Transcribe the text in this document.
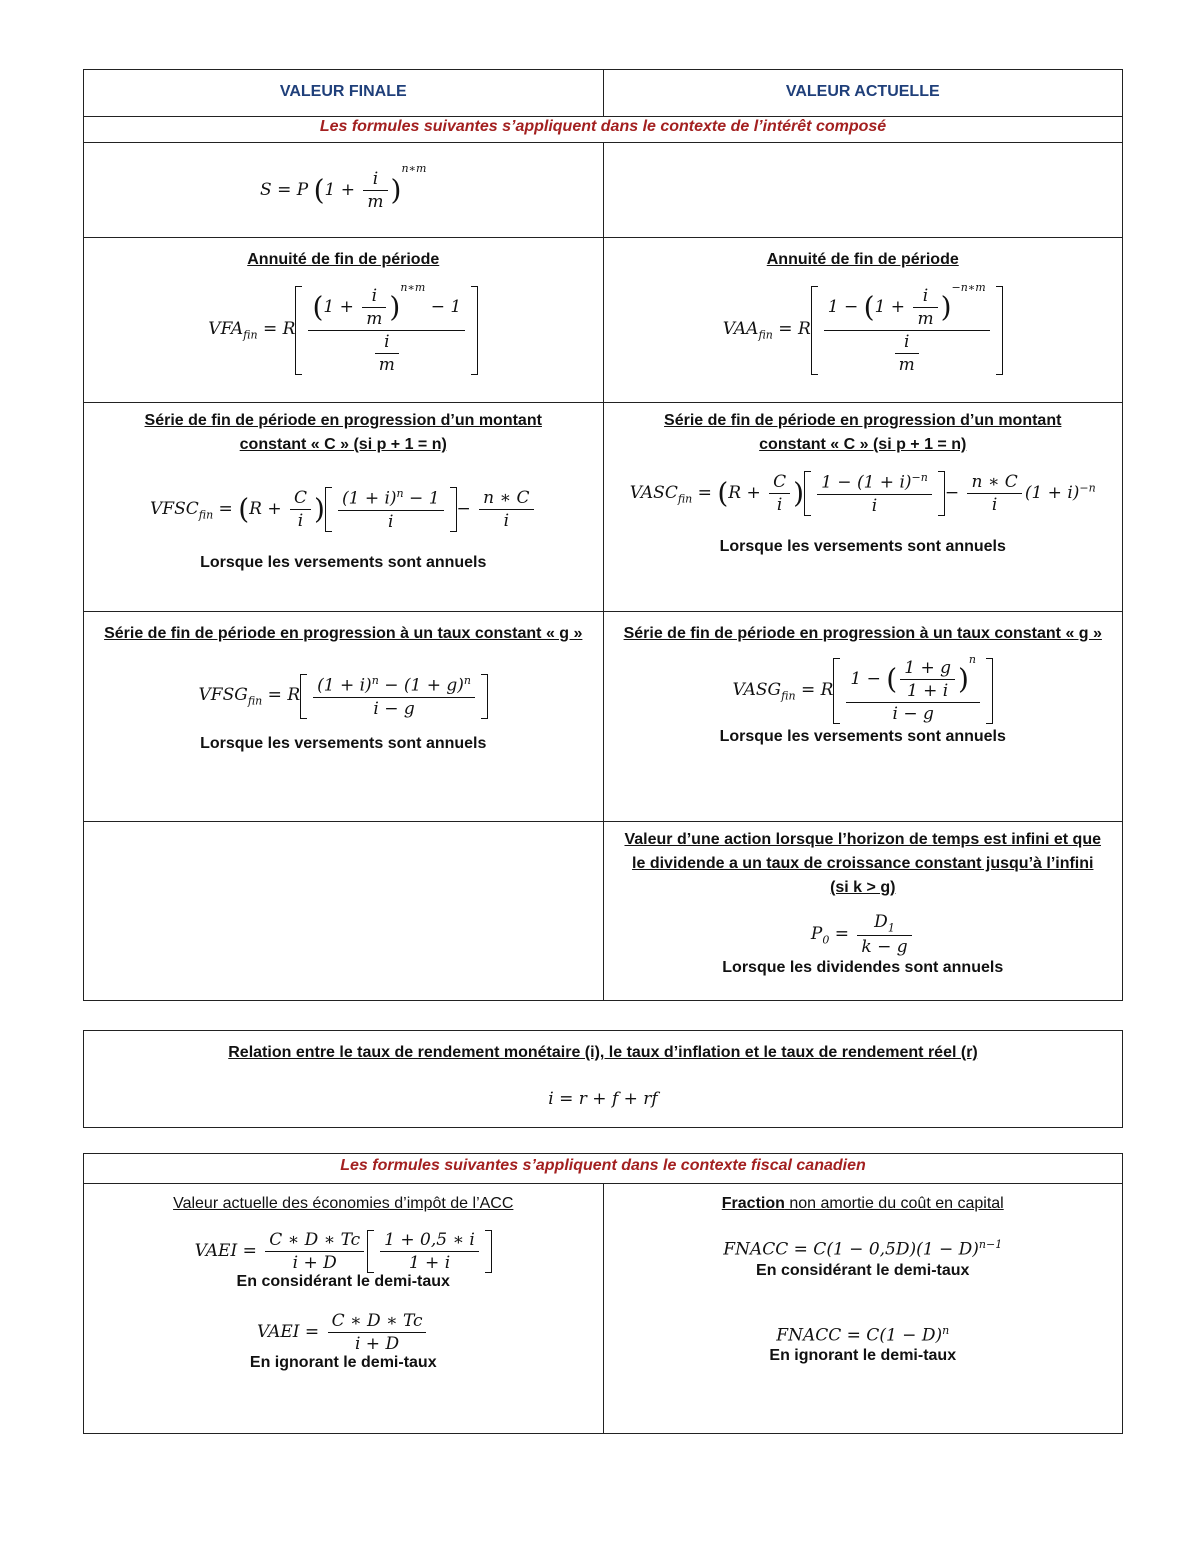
VALEUR FINALE	VALEUR ACTUELLE
Les formules suivantes s’appliquent dans le contexte de l’intérêt composé
S = P $(1 + \frac{i}{m} )^{n∗m}$
Annuité de fin de période
$VFA_{fin} = R$
$(1 + \frac{i}{m} )^{n∗m} - 1$
$\frac{i}{m}$
Annuité de fin de période
$VAA_{fin} = R$
$1 - (1 + \frac{i}{m} )^{-n∗m}$
$\frac{i}{m}$
Série de fin de période en progression d’un montant constant « C » (si p + 1 = n)
$VFSC_{fin} = (R + \frac{C}{i}$ ) $(1 + i)^n - 1$
i
− $\frac{n ∗ C}{i}$
Lorsque les versements sont annuels
Série de fin de période en progression d’un montant constant « C » (si p + 1 = n)
$VASC_{fin} = (R + \frac{C}{i}$ ) $1 - (1 + i)^{-n}$
i
− $\frac{n ∗ C}{i} (1 + i)^{-n}$
Lorsque les versements sont annuels
Série de fin de période en progression à un taux constant « g »
$VFSG_{fin} = R$ $(1 + i)^n - (1 + g)^n$
i − g
Lorsque les versements sont annuels
Série de fin de période en progression à un taux constant « g »
$VASG_{fin} = R$
1 − ( $\frac{1 + g}{1 + i} )^n$
i − g
Lorsque les versements sont annuels
Valeur d’une action lorsque l’horizon de temps est infini et que le dividende a un taux de croissance constant jusqu’à l’infini (si k > g)
$P_0 = \frac{D_1}{k - g}$
Lorsque les dividendes sont annuels
Relation entre le taux de rendement monétaire (i), le taux d’inflation et le taux de rendement réel (r)
i = r + f + rf
Les formules suivantes s’appliquent dans le contexte fiscal canadien
Valeur actuelle des économies d’impôt de l’ACC
VAEI = $\frac{C ∗ D ∗ Tc}{i + D} 1 + 0,5$ ∗ i
1 + i
En considérant le demi-taux
VAEI = $\frac{C ∗ D ∗ Tc}{i + D}$
En ignorant le demi-taux
Fraction non amortie du coût en capital
FNACC = $C(1 - 0,5D)(1 - D)^{n-1}$
En considérant le demi-taux
FNACC = $C(1 - D)^n$
En ignorant le demi-taux
